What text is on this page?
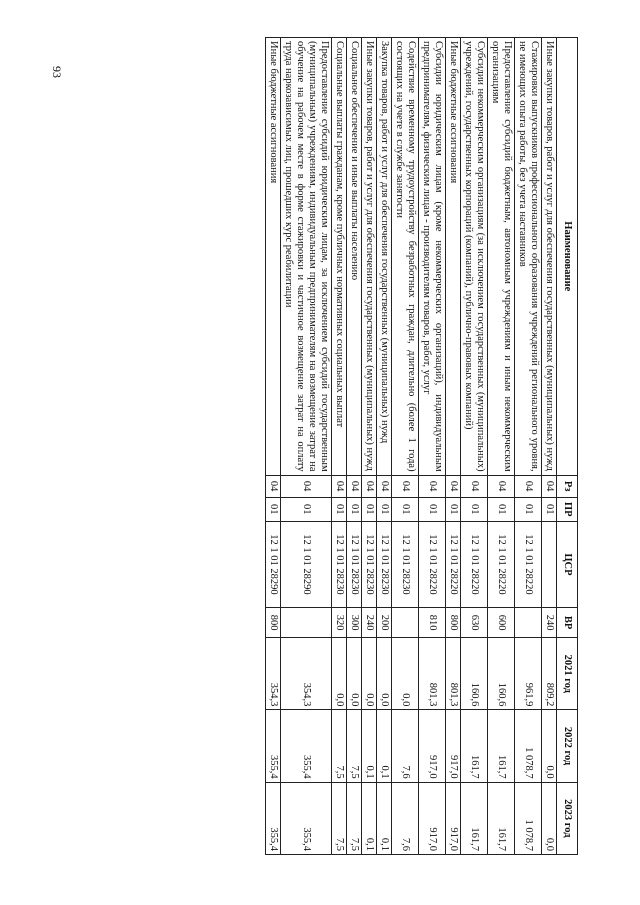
93
Наименование	Рз	ПР	ЦСР	ВР	2021 год	2022 год	2023 год
Иные закупки товаров, работ и услуг для обеспечения государственных (муниципальных) нужд	04	01		240	809,2	0,0	0,0
Стажировки выпускников профессионального образования учреждений регионального уровня, не имеющих опыта работы, без учета наставников	04	01	12 1 01 28220		961,9	1 078,7	1 078,7
Предоставление субсидий бюджетным, автономным учреждениям и иным некоммерческим организациям	04	01	12 1 01 28220	600	160,6	161,7	161,7
Субсидии некоммерческим организациям (за исключением государственных (муниципальных) учреждений, государственных корпораций (компаний), публично-правовых компаний)	04	01	12 1 01 28220	630	160,6	161,7	161,7
Иные бюджетные ассигнования	04	01	12 1 01 28220	800	801,3	917,0	917,0
Субсидии юридическим лицам (кроме некоммерческих организаций), индивидуальным предпринимателям, физическим лицам - производителям товаров, работ, услуг	04	01	12 1 01 28220	810	801,3	917,0	917,0
Содействие временному трудоустройству безработных граждан, длительно (более 1 года) состоящих на учете в службе занятости	04	01	12 1 01 28230		0,0	7,6	7,6
Закупка товаров, работ и услуг для обеспечения государственных (муниципальных) нужд	04	01	12 1 01 28230	200	0,0	0,1	0,1
Иные закупки товаров, работ и услуг для обеспечения государственных (муниципальных) нужд	04	01	12 1 01 28230	240	0,0	0,1	0,1
Социальное обеспечение и иные выплаты населению	04	01	12 1 01 28230	300	0,0	7,5	7,5
Социальные выплаты гражданам, кроме публичных нормативных социальных выплат	04	01	12 1 01 28230	320	0,0	7,5	7,5
Предоставление субсидий юридическим лицам, за исключением субсидий государственным (муниципальным) учреждениям, индивидуальным предпринимателям на возмещение затрат на обучение на рабочем месте в форме стажировки и частичное возмещение затрат на оплату труда наркозависимых лиц, прошедших курс реабилитации	04	01	12 1 01 28290		354,3	355,4	355,4
Иные бюджетные ассигнования	04	01	12 1 01 28290	800	354,3	355,4	355,4
